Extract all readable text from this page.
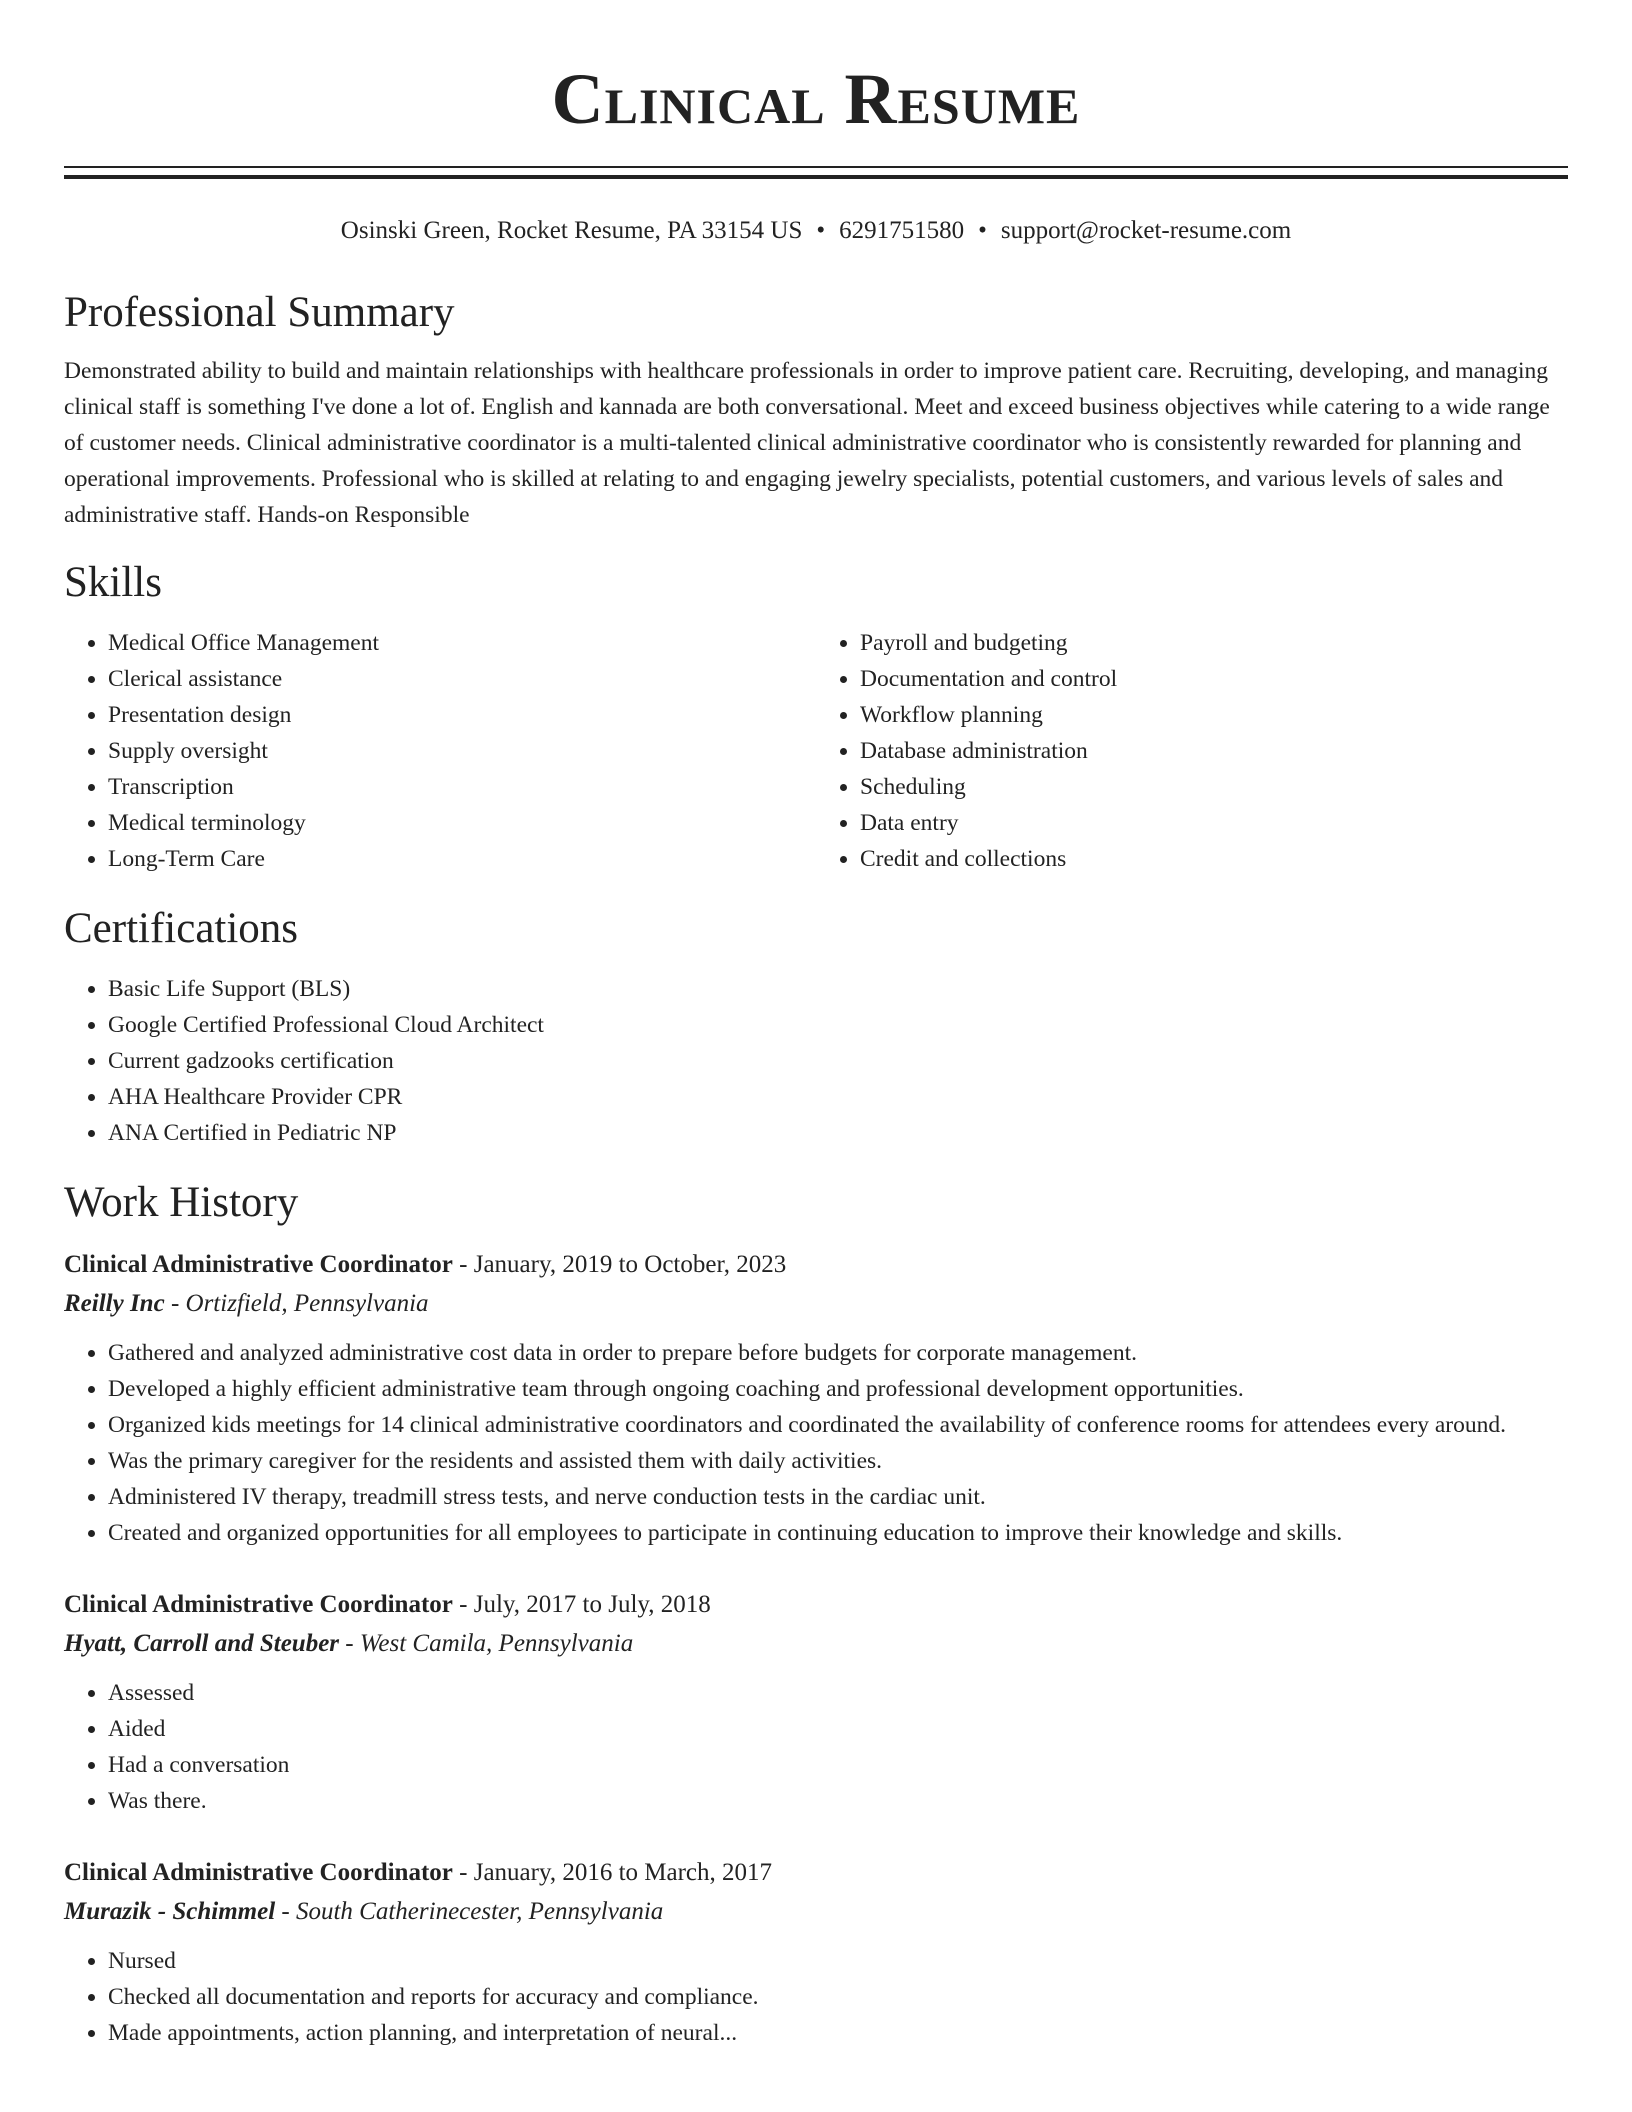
Clinical Resume
Osinski Green, Rocket Resume, PA 33154 US • 6291751580 • support@rocket-resume.com
Professional Summary
Demonstrated ability to build and maintain relationships with healthcare professionals in order to improve patient care. Recruiting, developing, and managing clinical staff is something I've done a lot of. English and kannada are both conversational. Meet and exceed business objectives while catering to a wide range of customer needs. Clinical administrative coordinator is a multi-talented clinical administrative coordinator who is consistently rewarded for planning and operational improvements. Professional who is skilled at relating to and engaging jewelry specialists, potential customers, and various levels of sales and administrative staff. Hands-on Responsible
Skills
• Medical Office Management
• Clerical assistance
• Presentation design
• Supply oversight
• Transcription
• Medical terminology
• Long-Term Care
• Payroll and budgeting
• Documentation and control
• Workflow planning
• Database administration
• Scheduling
• Data entry
• Credit and collections
Certifications
• Basic Life Support (BLS)
• Google Certified Professional Cloud Architect
• Current gadzooks certification
• AHA Healthcare Provider CPR
• ANA Certified in Pediatric NP
Work History
Clinical Administrative Coordinator - January, 2019 to October, 2023
Reilly Inc - Ortizfield, Pennsylvania
• Gathered and analyzed administrative cost data in order to prepare before budgets for corporate management.
• Developed a highly efficient administrative team through ongoing coaching and professional development opportunities.
• Organized kids meetings for 14 clinical administrative coordinators and coordinated the availability of conference rooms for attendees every around.
• Was the primary caregiver for the residents and assisted them with daily activities.
• Administered IV therapy, treadmill stress tests, and nerve conduction tests in the cardiac unit.
• Created and organized opportunities for all employees to participate in continuing education to improve their knowledge and skills.
Clinical Administrative Coordinator - July, 2017 to July, 2018
Hyatt, Carroll and Steuber - West Camila, Pennsylvania
• Assessed
• Aided
• Had a conversation
• Was there.
Clinical Administrative Coordinator - January, 2016 to March, 2017
Murazik - Schimmel - South Catherinecester, Pennsylvania
• Nursed
• Checked all documentation and reports for accuracy and compliance.
• Made appointments, action planning, and interpretation of neural...
